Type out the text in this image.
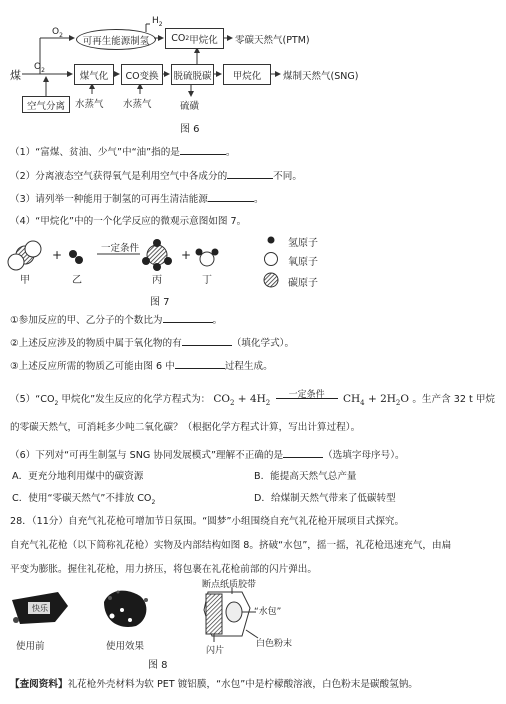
$O_2$
$H_2$
可再生能源制氢 CO 2 甲烷化 零碳天然气(PTM)
煤
$O_2$
煤气化	CO变换	脱硫脱碳	甲烷化	煤制天然气(SNG)
空气分离	水蒸气 水蒸气	硫磺
图 6
（1）“富煤、贫油、少气”中“油”指的是	。
（2）分离液态空气获得氧气是利用空气中各成分的	不同。
（3）请列举一种能用于制氢的可再生清洁能源	。
（4）“甲烷化”中的一个化学反应的微观示意图如图 7。
+	一定条件	+
甲	乙	丙	丁
氢原子
氧原子
碳原子
图 7
①参加反应的甲、乙分子的个数比为	。
②上述反应涉及的物质中属于氧化物的有	（填化学式）。
③上述反应所需的物质乙可能由图 6 中	过程生成。
$(5)“CO_2$ 甲烷化”发生反应的化学方程式为： $CO_2 + 4H_2$
一定条件	$CH_4 + 2H_2O$ 。生产含 32 t 甲烷
的零碳天然气，可消耗多少吨二氧化碳？（根据化学方程式计算，写出计算过程）。
（6）下列对“可再生制氢与 SNG 协同发展模式”理解不正确的是	（选填字母序号）。
A．更充分地利用煤中的碳资源	B．能提高天然气总产量
C．使用“零碳天然气”不排放 $CO_2$	D．给煤制天然气带来了低碳转型
28．（11分）自充气礼花枪可增加节日氛围。“圆梦”小组围绕自充气礼花枪开展项目式探究。
自充气礼花枪（以下简称礼花枪）实物及内部结构如图 8。挤破“水包”，摇一摇，礼花枪迅速充气，由扁
平变为膨胀。握住礼花枪，用力挤压，将包裹在礼花枪前部的闪片弹出。
快乐
断点纸质胶带
“水包”
闪片
白色粉末
使用前	使用效果
图 8
【查阅资料】礼花枪外壳材料为软 PET 镀铝膜，“水包”中是柠檬酸溶液，白色粉末是碳酸氢钠。
